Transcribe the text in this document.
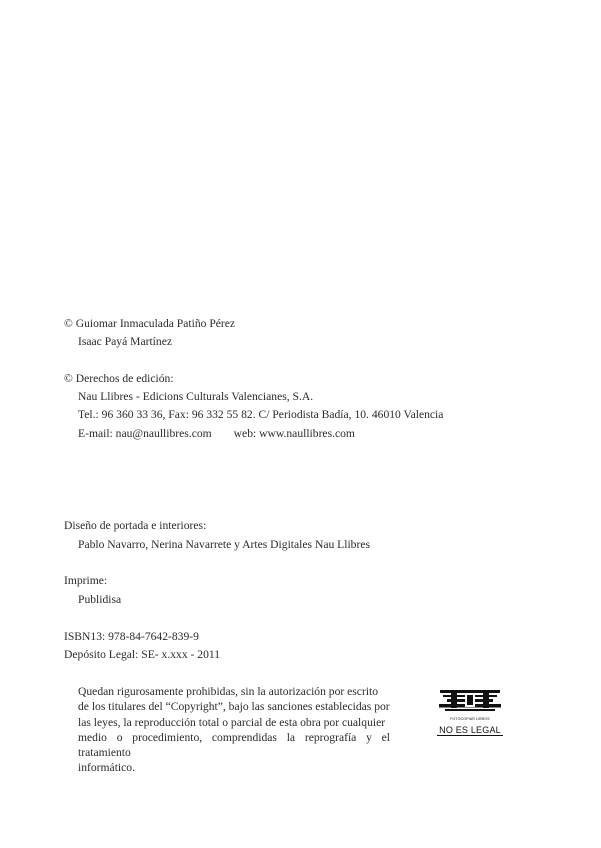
© Guiomar Inmaculada Patiño Pérez
Isaac Payá Martínez
© Derechos de edición:
Nau Llibres - Edicions Culturals Valencianes, S.A.
Tel.: 96 360 33 36, Fax: 96 332 55 82. C/ Periodista Badía, 10. 46010 Valencia
E-mail: nau@naullibres.com web: www.naullibres.com
Diseño de portada e interiores:
Pablo Navarro, Nerina Navarrete y Artes Digitales Nau Llibres
Imprime:
Publidisa
ISBN13: 978-84-7642-839-9
Depósito Legal: SE- x.xxx - 2011
Quedan rigurosamente prohibidas, sin la autorización por escrito
de los titulares del “Copyright”, bajo las sanciones establecidas por
las leyes, la reproducción total o parcial de esta obra por cualquier
medio o procedimiento, comprendidas la reprografía y el tratamiento
informático.
FOTOCOPIAR LIBROS
NO ES LEGAL
